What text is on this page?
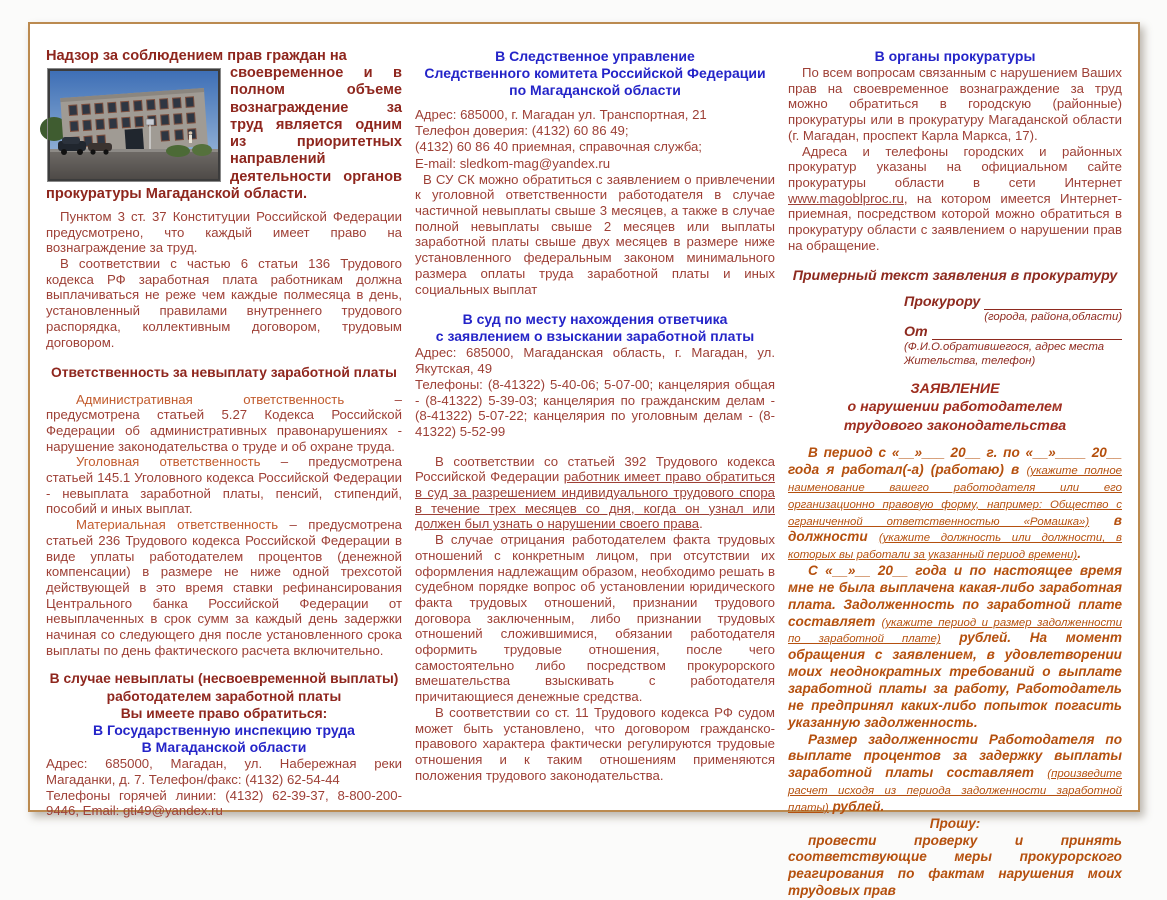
Надзор за соблюдением прав граждан на

своевременное и в полном объеме вознаграждение за труд является одним из приоритетных направлений деятельности органов прокуратуры Магаданской области.

Пунктом 3 ст. 37 Конституции Российской Федерации предусмотрено, что каждый имеет право на вознаграждение за труд.

В соответствии с частью 6 статьи 136 Трудового кодекса РФ заработная плата работникам должна выплачиваться не реже чем каждые полмесяца в день, установленный правилами внутреннего трудового распорядка, коллективным договором, трудовым договором.

Ответственность за невыплату заработной платы

Административная ответственность – предусмотрена статьей 5.27 Кодекса Российской Федерации об административных правонарушениях - нарушение законодательства о труде и об охране труда.

Уголовная ответственность – предусмотрена статьей 145.1 Уголовного кодекса Российской Федерации - невыплата заработной платы, пенсий, стипендий, пособий и иных выплат.

Материальная ответственность – предусмотрена статьей 236 Трудового кодекса Российской Федерации в виде уплаты работодателем процентов (денежной компенсации) в размере не ниже одной трехсотой действующей в это время ставки рефинансирования Центрального банка Российской Федерации от невыплаченных в срок сумм за каждый день задержки начиная со следующего дня после установленного срока выплаты по день фактического расчета включительно.

В случае невыплаты (несвоевременной выплаты)

работодателем заработной платы

Вы имеете право обратиться:

В Государственную инспекцию труда

В Магаданской области

Адрес: 685000, Магадан, ул. Набережная реки Магаданки, д. 7. Телефон/факс: (4132) 62-54-44

Телефоны горячей линии: (4132) 62-39-37, 8-800-200-9446, Email: gti49@yandex.ru

В Следственное управление

Следственного комитета Российской Федерации

по Магаданской области

Адрес: 685000, г. Магадан ул. Транспортная, 21

Телефон доверия: (4132) 60 86 49;

(4132) 60 86 40 приемная, справочная служба;

E-mail: sledkom-mag@yandex.ru

В СУ СК можно обратиться с заявлением о привлечении к уголовной ответственности работодателя в случае частичной невыплаты свыше 3 месяцев, а также в случае полной невыплаты свыше 2 месяцев или выплаты заработной платы свыше двух месяцев в размере ниже установленного федеральным законом минимального размера оплаты труда заработной платы и иных социальных выплат

В суд по месту нахождения ответчика

с заявлением о взыскании заработной платы

Адрес: 685000, Магаданская область, г. Магадан, ул. Якутская, 49

Телефоны: (8-41322) 5-40-06; 5-07-00; канцелярия общая - (8-41322) 5-39-03; канцелярия по гражданским делам - (8-41322) 5-07-22; канцелярия по уголовным делам - (8-41322) 5-52-99

В соответствии со статьей 392 Трудового кодекса Российской Федерации работник имеет право обратиться в суд за разрешением индивидуального трудового спора в течение трех месяцев со дня, когда он узнал или должен был узнать о нарушении своего права.

В случае отрицания работодателем факта трудовых отношений с конкретным лицом, при отсутствии их оформления надлежащим образом, необходимо решать в судебном порядке вопрос об установлении юридического факта трудовых отношений, признании трудового договора заключенным, либо признании трудовых отношений сложившимися, обязании работодателя оформить трудовые отношения, после чего самостоятельно либо посредством прокурорского вмешательства взыскивать с работодателя причитающиеся денежные средства.

В соответствии со ст. 11 Трудового кодекса РФ судом может быть установлено, что договором гражданско-правового характера фактически регулируются трудовые отношения и к таким отношениям применяются положения трудового законодательства.

В органы прокуратуры

По всем вопросам связанным с нарушением Ваших прав на своевременное вознаграждение за труд можно обратиться в городскую (районные) прокуратуры или в прокуратуру Магаданской области (г. Магадан, проспект Карла Маркса, 17).

Адреса и телефоны городских и районных прокуратур указаны на официальном сайте прокуратуры области в сети Интернет www.magoblproc.ru, на котором имеется Интернет-приемная, посредством которой можно обратиться в прокуратуру области с заявлением о нарушении прав на обращение.

Примерный текст заявления в прокуратуру

Прокурору
(города, района,области)
От
(Ф.И.О.обратившегося, адрес места Жительства, телефон)

ЗАЯВЛЕНИЕ

о нарушении работодателем

трудового законодательства

В период с «__»___ 20__ г. по «__»____ 20__ года я работал(-а) (работаю) в (укажите полное наименование вашего работодателя или его организационно правовую форму, например: Общество с ограниченной ответственностью «Ромашка») в должности (укажите должность или должности, в которых вы работали за указанный период времени).

С «__»__ 20__ года и по настоящее время мне не была выплачена какая-либо заработная плата. Задолженность по заработной плате составляет (укажите период и размер задолженности по заработной плате) рублей. На момент обращения с заявлением, в удовлетворении моих неоднократных требований о выплате заработной платы за работу, Работодатель не предпринял каких-либо попыток погасить указанную задолженность.

Размер задолженности Работодателя по выплате процентов за задержку выплаты заработной платы составляет (произведите расчет исходя из периода задолженности заработной платы) рублей.

Прошу:

провести проверку и принять соответствующие меры прокурорского реагирования по фактам нарушения моих трудовых прав
